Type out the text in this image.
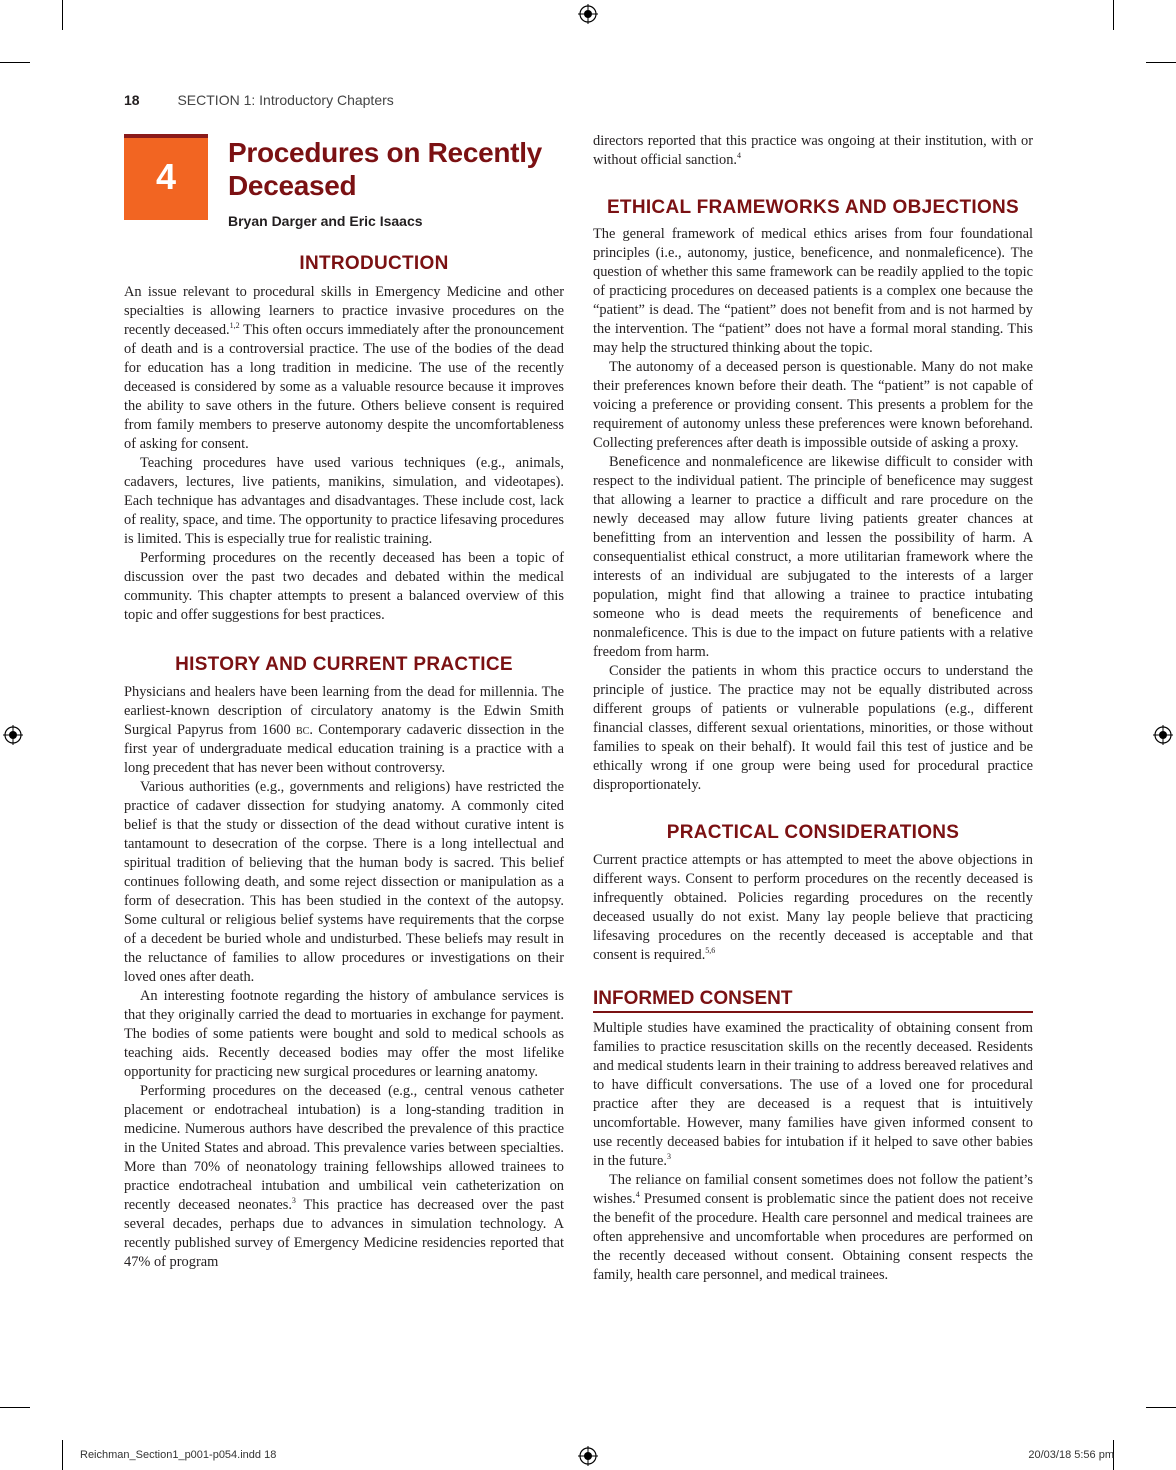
18	SECTION 1: Introductory Chapters
4
Procedures on Recently Deceased
Bryan Darger and Eric Isaacs
INTRODUCTION

An issue relevant to procedural skills in Emergency Medicine and other specialties is allowing learners to practice invasive procedures on the recently deceased.$^{1,2}$ This often occurs immediately after the pronouncement of death and is a controversial practice. The use of the bodies of the dead for education has a long tradition in medicine. The use of the recently deceased is considered by some as a valuable resource because it improves the ability to save others in the future. Others believe consent is required from family members to preserve autonomy despite the uncomfortableness of asking for consent.

Teaching procedures have used various techniques (e.g., animals, cadavers, lectures, live patients, manikins, simulation, and videotapes). Each technique has advantages and disadvantages. These include cost, lack of reality, space, and time. The opportunity to practice lifesaving procedures is limited. This is especially true for realistic training.

Performing procedures on the recently deceased has been a topic of discussion over the past two decades and debated within the medical community. This chapter attempts to present a balanced overview of this topic and offer suggestions for best practices.

HISTORY AND CURRENT PRACTICE

Physicians and healers have been learning from the dead for millennia. The earliest-known description of circulatory anatomy is the Edwin Smith Surgical Papyrus from 1600 bc. Contemporary cadaveric dissection in the first year of undergraduate medical education training is a practice with a long precedent that has never been without controversy.

Various authorities (e.g., governments and religions) have restricted the practice of cadaver dissection for studying anatomy. A commonly cited belief is that the study or dissection of the dead without curative intent is tantamount to desecration of the corpse. There is a long intellectual and spiritual tradition of believing that the human body is sacred. This belief continues following death, and some reject dissection or manipulation as a form of desecration. This has been studied in the context of the autopsy. Some cultural or religious belief systems have requirements that the corpse of a decedent be buried whole and undisturbed. These beliefs may result in the reluctance of families to allow procedures or investigations on their loved ones after death.

An interesting footnote regarding the history of ambulance services is that they originally carried the dead to mortuaries in exchange for payment. The bodies of some patients were bought and sold to medical schools as teaching aids. Recently deceased bodies may offer the most lifelike opportunity for practicing new surgical procedures or learning anatomy.

Performing procedures on the deceased (e.g., central venous catheter placement or endotracheal intubation) is a long-standing tradition in medicine. Numerous authors have described the prevalence of this practice in the United States and abroad. This prevalence varies between specialties. More than 70% of neonatology training fellowships allowed trainees to practice endotracheal intubation and umbilical vein catheterization on recently deceased neonates.$^3$ This practice has decreased over the past several decades, perhaps due to advances in simulation technology. A recently published survey of Emergency Medicine residencies reported that 47% of program

directors reported that this practice was ongoing at their institution, with or without official sanction.$^4$

ETHICAL FRAMEWORKS AND OBJECTIONS

The general framework of medical ethics arises from four foundational principles (i.e., autonomy, justice, beneficence, and nonmaleficence). The question of whether this same framework can be readily applied to the topic of practicing procedures on deceased patients is a complex one because the “patient” is dead. The “patient” does not benefit from and is not harmed by the intervention. The “patient” does not have a formal moral standing. This may help the structured thinking about the topic.

The autonomy of a deceased person is questionable. Many do not make their preferences known before their death. The “patient” is not capable of voicing a preference or providing consent. This presents a problem for the requirement of autonomy unless these preferences were known beforehand. Collecting preferences after death is impossible outside of asking a proxy.

Beneficence and nonmaleficence are likewise difficult to consider with respect to the individual patient. The principle of beneficence may suggest that allowing a learner to practice a difficult and rare procedure on the newly deceased may allow future living patients greater chances at benefitting from an intervention and lessen the possibility of harm. A consequentialist ethical construct, a more utilitarian framework where the interests of an individual are subjugated to the interests of a larger population, might find that allowing a trainee to practice intubating someone who is dead meets the requirements of beneficence and nonmaleficence. This is due to the impact on future patients with a relative freedom from harm.

Consider the patients in whom this practice occurs to understand the principle of justice. The practice may not be equally distributed across different groups of patients or vulnerable populations (e.g., different financial classes, different sexual orientations, minorities, or those without families to speak on their behalf). It would fail this test of justice and be ethically wrong if one group were being used for procedural practice disproportionately.

PRACTICAL CONSIDERATIONS

Current practice attempts or has attempted to meet the above objections in different ways. Consent to perform procedures on the recently deceased is infrequently obtained. Policies regarding procedures on the recently deceased usually do not exist. Many lay people believe that practicing lifesaving procedures on the recently deceased is acceptable and that consent is required.$^{5,6}$

INFORMED CONSENT

Multiple studies have examined the practicality of obtaining consent from families to practice resuscitation skills on the recently deceased. Residents and medical students learn in their training to address bereaved relatives and to have difficult conversations. The use of a loved one for procedural practice after they are deceased is a request that is intuitively uncomfortable. However, many families have given informed consent to use recently deceased babies for intubation if it helped to save other babies in the future.$^3$

The reliance on familial consent sometimes does not follow the patient’s wishes.$^4$ Presumed consent is problematic since the patient does not receive the benefit of the procedure. Health care personnel and medical trainees are often apprehensive and uncomfortable when procedures are performed on the recently deceased without consent. Obtaining consent respects the family, health care personnel, and medical trainees.

Reichman_Section1_p001-p054.indd 18	20/03/18 5:56 pm
